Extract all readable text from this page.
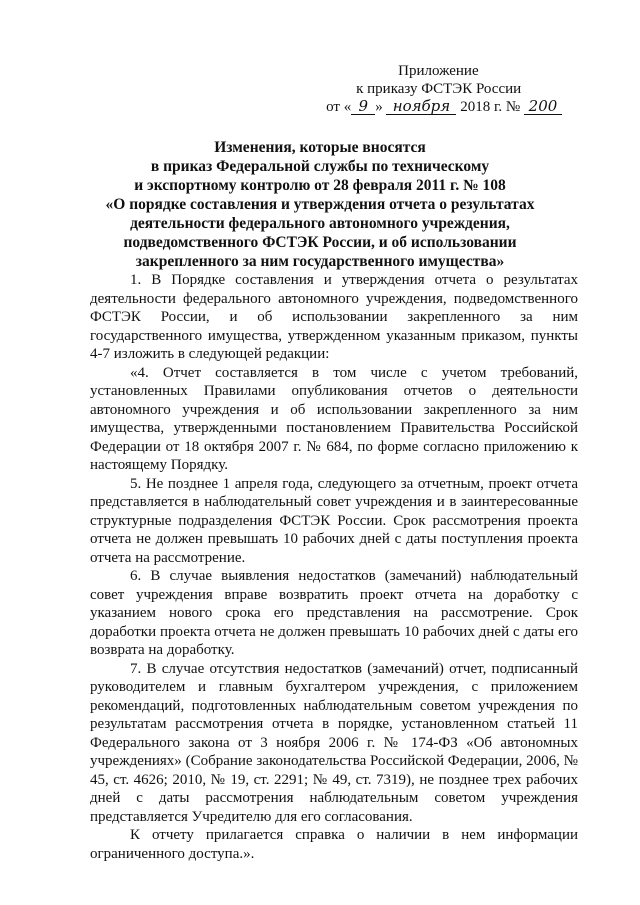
Приложение
к приказу ФСТЭК России
от « 9 » ноября 2018 г. № 200
Изменения, которые вносятся
в приказ Федеральной службы по техническому
и экспортному контролю от 28 февраля 2011 г. № 108
«О порядке составления и утверждения отчета о результатах
деятельности федерального автономного учреждения,
подведомственного ФСТЭК России, и об использовании
закрепленного за ним государственного имущества»

1. В Порядке составления и утверждения отчета о результатах деятельности федерального автономного учреждения, подведомственного ФСТЭК России, и об использовании закрепленного за ним государственного имущества, утвержденном указанным приказом, пункты 4-7 изложить в следующей редакции:

«4. Отчет составляется в том числе с учетом требований, установленных Правилами опубликования отчетов о деятельности автономного учреждения и об использовании закрепленного за ним имущества, утвержденными постановлением Правительства Российской Федерации от 18 октября 2007 г. № 684, по форме согласно приложению к настоящему Порядку.

5. Не позднее 1 апреля года, следующего за отчетным, проект отчета представляется в наблюдательный совет учреждения и в заинтересованные структурные подразделения ФСТЭК России. Срок рассмотрения проекта отчета не должен превышать 10 рабочих дней с даты поступления проекта отчета на рассмотрение.

6. В случае выявления недостатков (замечаний) наблюдательный совет учреждения вправе возвратить проект отчета на доработку с указанием нового срока его представления на рассмотрение. Срок доработки проекта отчета не должен превышать 10 рабочих дней с даты его возврата на доработку.

7. В случае отсутствия недостатков (замечаний) отчет, подписанный руководителем и главным бухгалтером учреждения, с приложением рекомендаций, подготовленных наблюдательным советом учреждения по результатам рассмотрения отчета в порядке, установленном статьей 11 Федерального закона от 3 ноября 2006 г. № 174-ФЗ «Об автономных учреждениях» (Собрание законодательства Российской Федерации, 2006, № 45, ст. 4626; 2010, № 19, ст. 2291; № 49, ст. 7319), не позднее трех рабочих дней с даты рассмотрения наблюдательным советом учреждения представляется Учредителю для его согласования.

К отчету прилагается справка о наличии в нем информации ограниченного доступа.».
